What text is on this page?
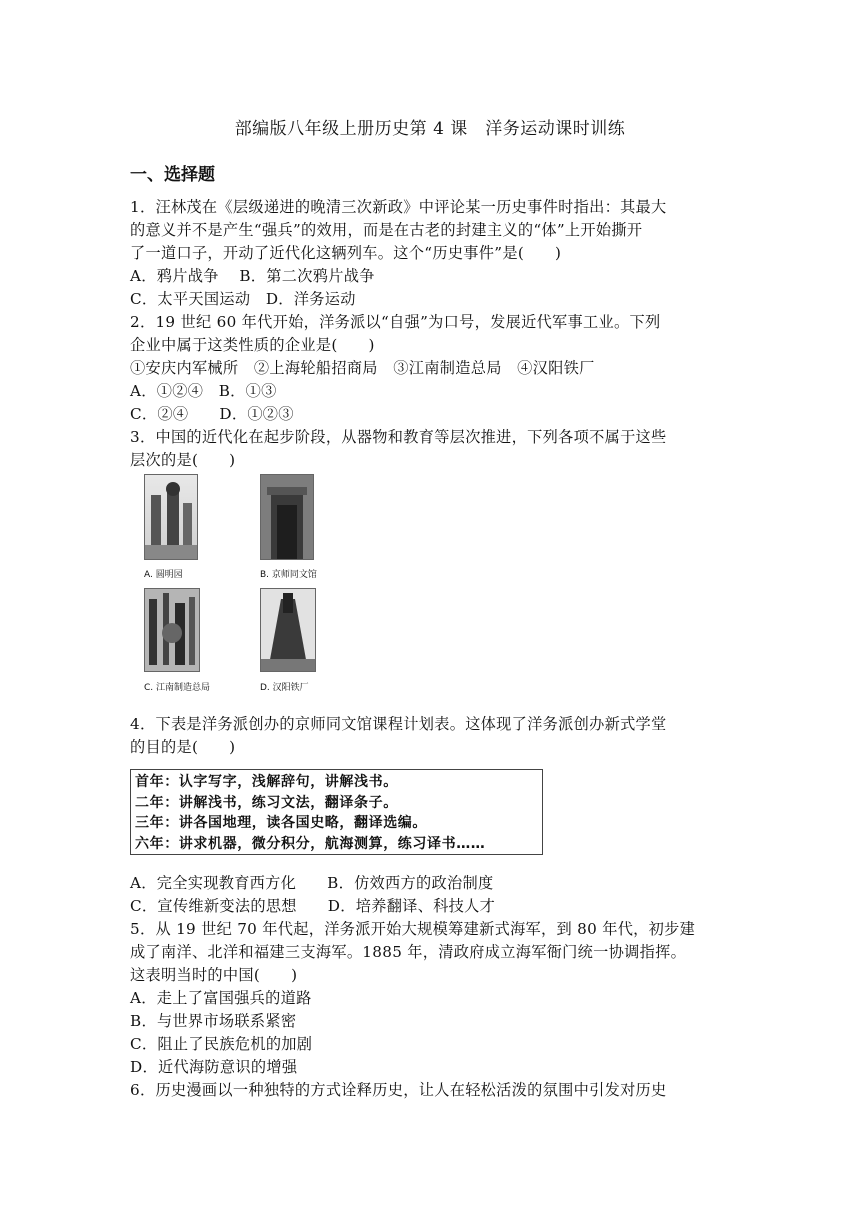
部编版八年级上册历史第 4 课　洋务运动课时训练
一、选择题
1．汪林茂在《层级递进的晚清三次新政》中评论某一历史事件时指出：其最大
的意义并不是产生“强兵”的效用，而是在古老的封建主义的“体”上开始撕开
了一道口子，开动了近代化这辆列车。这个“历史事件”是(　　)
A．鸦片战争　 B．第二次鸦片战争
C．太平天国运动　D．洋务运动
2．19 世纪 60 年代开始，洋务派以“自强”为口号，发展近代军事工业。下列
企业中属于这类性质的企业是(　　)
①安庆内军械所　②上海轮船招商局　③江南制造总局　④汉阳铁厂
A．①②④　B．①③
C．②④　　D．①②③
3．中国的近代化在起步阶段，从器物和教育等层次推进，下列各项不属于这些
层次的是(　　)
A. 圆明园	B. 京师同文馆
C. 江南制造总局	D. 汉阳铁厂
4．下表是洋务派创办的京师同文馆课程计划表。这体现了洋务派创办新式学堂
的目的是(　　)
首年：认字写字，浅解辞句，讲解浅书。
二年：讲解浅书，练习文法，翻译条子。
三年：讲各国地理，读各国史略，翻译选编。
六年：讲求机器，微分积分，航海测算，练习译书……
A．完全实现教育西方化　　B．仿效西方的政治制度
C．宣传维新变法的思想　　D．培养翻译、科技人才
5．从 19 世纪 70 年代起，洋务派开始大规模筹建新式海军，到 80 年代，初步建
成了南洋、北洋和福建三支海军。1885 年，清政府成立海军衙门统一协调指挥。
这表明当时的中国(　　)
A．走上了富国强兵的道路
B．与世界市场联系紧密
C．阻止了民族危机的加剧
D．近代海防意识的增强
6．历史漫画以一种独特的方式诠释历史，让人在轻松活泼的氛围中引发对历史
